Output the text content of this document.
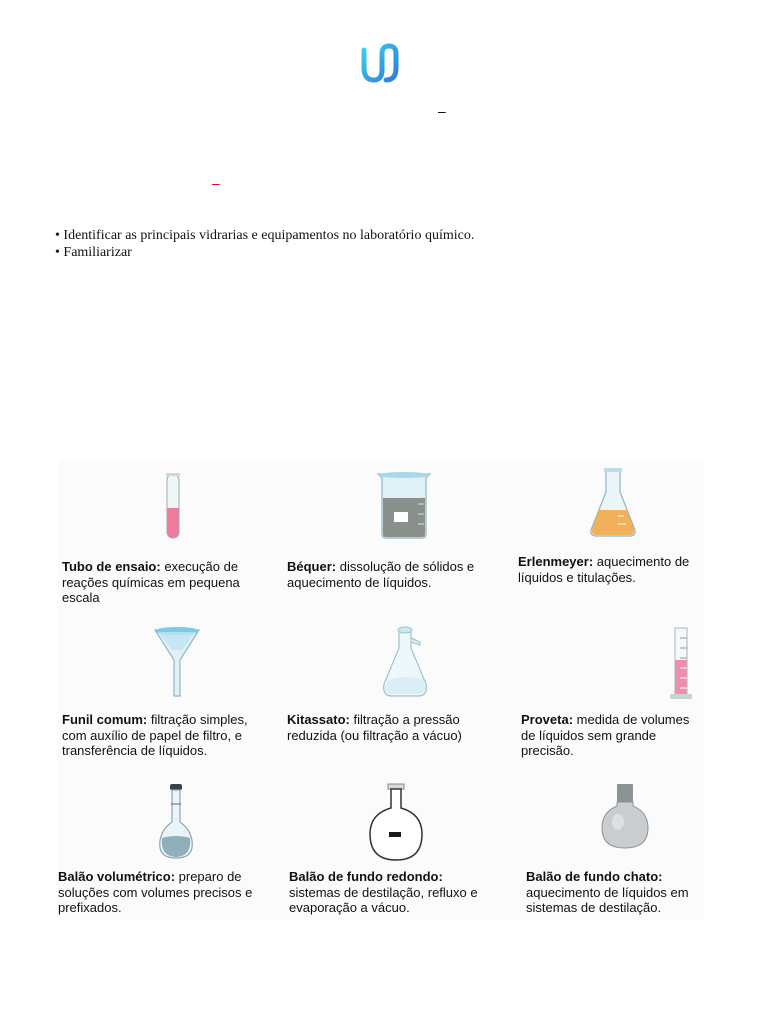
–
–
• Identificar as principais vidrarias e equipamentos no laboratório químico.
• Familiarizar
Tubo de ensaio: execução de reações químicas em pequena escala
Béquer: dissolução de sólidos e aquecimento de líquidos.
Erlenmeyer: aquecimento de líquidos e titulações.
Funil comum: filtração simples, com auxílio de papel de filtro, e transferência de líquidos.
Kitassato: filtração a pressão reduzida (ou filtração a vácuo)
Proveta: medida de volumes de líquidos sem grande precisão.
Balão volumétrico: preparo de soluções com volumes precisos e prefixados.
Balão de fundo redondo: sistemas de destilação, refluxo e evaporação a vácuo.
Balão de fundo chato: aquecimento de líquidos em sistemas de destilação.
